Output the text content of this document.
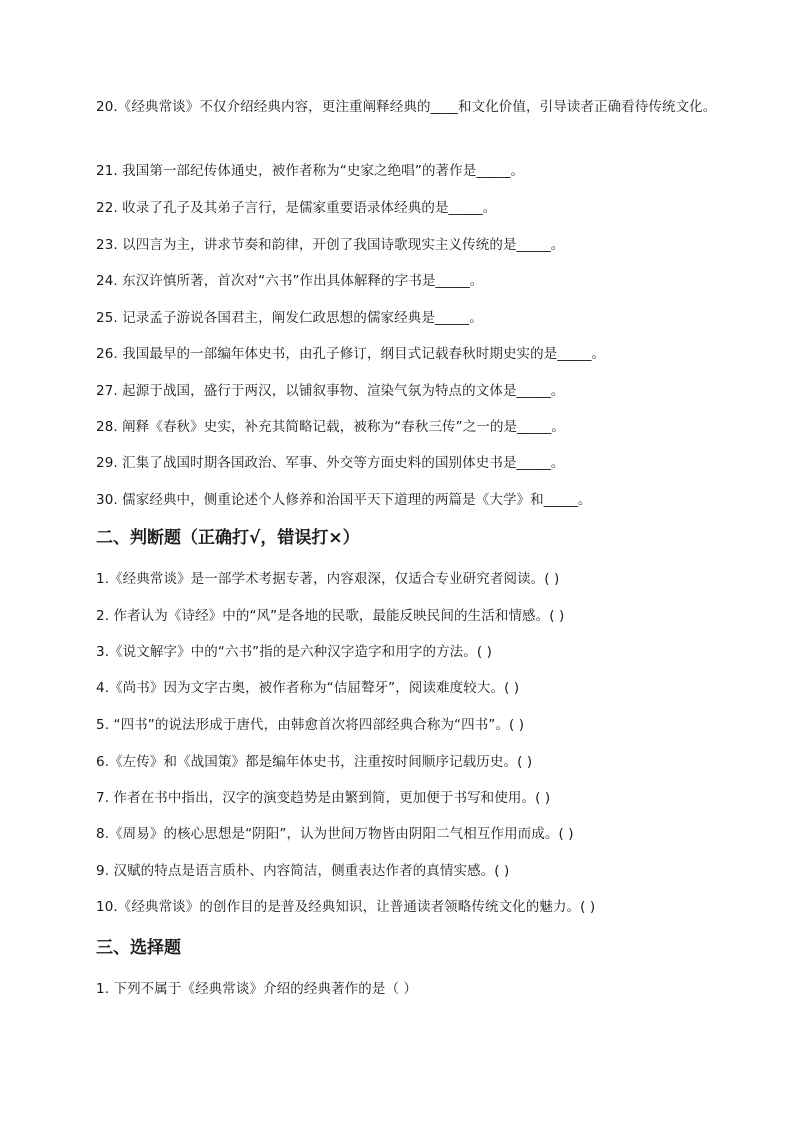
20.《经典常谈》不仅介绍经典内容，更注重阐释经典的____和文化价值，引导读者正确看待传统文化。
21. 我国第一部纪传体通史，被作者称为“史家之绝唱”的著作是_____。
22. 收录了孔子及其弟子言行，是儒家重要语录体经典的是_____。
23. 以四言为主，讲求节奏和韵律，开创了我国诗歌现实主义传统的是_____。
24. 东汉许慎所著，首次对“六书”作出具体解释的字书是_____。
25. 记录孟子游说各国君主，阐发仁政思想的儒家经典是_____。
26. 我国最早的一部编年体史书，由孔子修订，纲目式记载春秋时期史实的是_____。
27. 起源于战国，盛行于两汉，以铺叙事物、渲染气氛为特点的文体是_____。
28. 阐释《春秋》史实，补充其简略记载，被称为“春秋三传”之一的是_____。
29. 汇集了战国时期各国政治、军事、外交等方面史料的国别体史书是_____。
30. 儒家经典中，侧重论述个人修养和治国平天下道理的两篇是《大学》和_____。
二、判断题（正确打√，错误打×）
1.《经典常谈》是一部学术考据专著，内容艰深，仅适合专业研究者阅读。( )
2. 作者认为《诗经》中的“风”是各地的民歌，最能反映民间的生活和情感。( )
3.《说文解字》中的“六书”指的是六种汉字造字和用字的方法。( )
4.《尚书》因为文字古奥，被作者称为“佶屈聱牙”，阅读难度较大。( )
5. “四书”的说法形成于唐代，由韩愈首次将四部经典合称为“四书”。( )
6.《左传》和《战国策》都是编年体史书，注重按时间顺序记载历史。( )
7. 作者在书中指出，汉字的演变趋势是由繁到简，更加便于书写和使用。( )
8.《周易》的核心思想是“阴阳”，认为世间万物皆由阴阳二气相互作用而成。( )
9. 汉赋的特点是语言质朴、内容简洁，侧重表达作者的真情实感。( )
10.《经典常谈》的创作目的是普及经典知识，让普通读者领略传统文化的魅力。( )
三、选择题
1. 下列不属于《经典常谈》介绍的经典著作的是（ ）
